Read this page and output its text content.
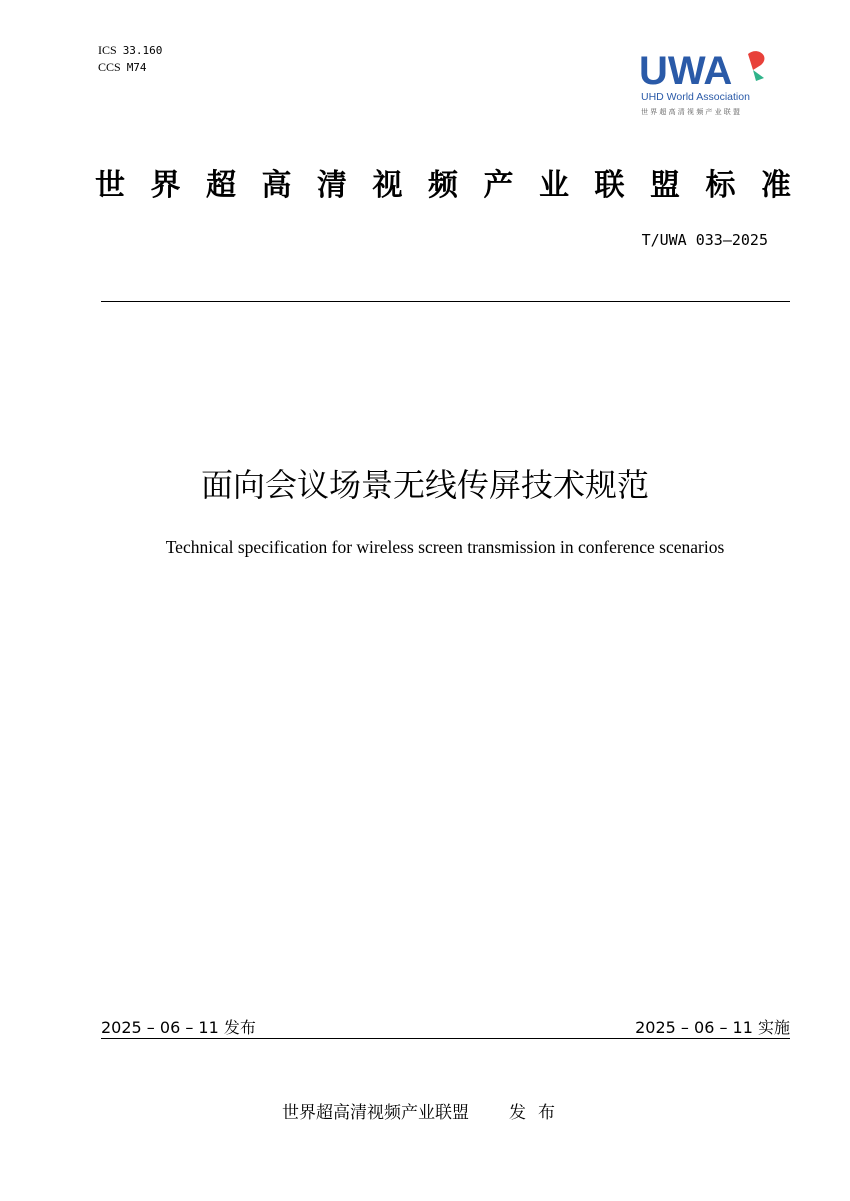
ICS 33.160
CCS M74	UWA
UHD World Association
世界超高清视频产业联盟
世界超高清视频产业联盟标准
T/UWA 033—2025
面向会议场景无线传屏技术规范
Technical specification for wireless screen transmission in conference scenarios
2025 – 06 – 11 发布	2025 – 06 – 11 实施
世界超高清视频产业联盟 发布
